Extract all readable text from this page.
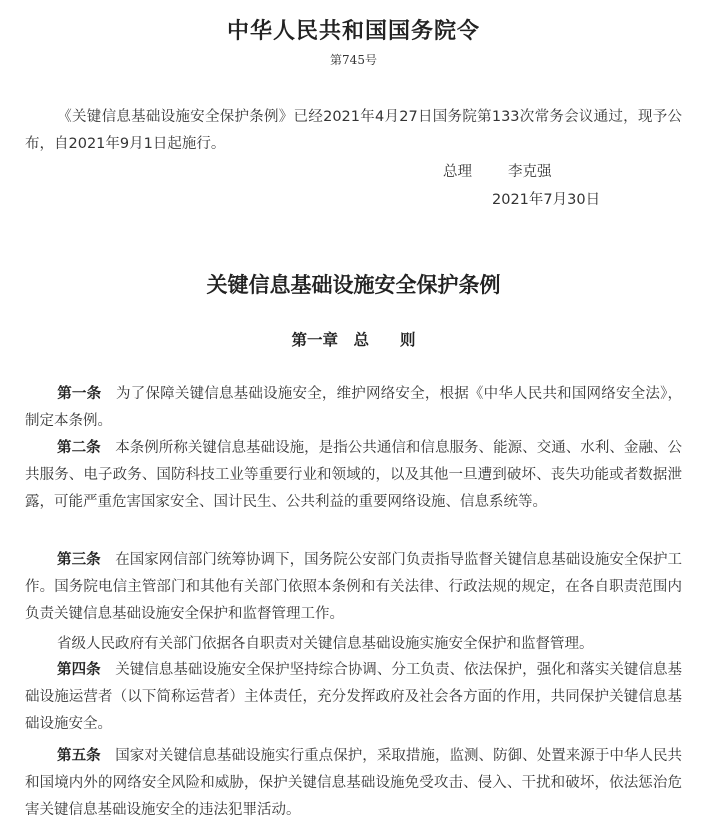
中华人民共和国国务院令
第745号
《关键信息基础设施安全保护条例》已经2021年4月27日国务院第133次常务会议通过，现予公布，自2021年9月1日起施行。
总理 李克强
2021年7月30日
关键信息基础设施安全保护条例
第一章　总　　则
第一条　 为了保障关键信息基础设施安全，维护网络安全，根据《中华人民共和国网络安全法》，制定本条例。
第二条　 本条例所称关键信息基础设施，是指公共通信和信息服务、能源、交通、水利、金融、公共服务、电子政务、国防科技工业等重要行业和领域的，以及其他一旦遭到破坏、丧失功能或者数据泄露，可能严重危害国家安全、国计民生、公共利益的重要网络设施、信息系统等。
第三条　 在国家网信部门统筹协调下，国务院公安部门负责指导监督关键信息基础设施安全保护工作。国务院电信主管部门和其他有关部门依照本条例和有关法律、行政法规的规定，在各自职责范围内负责关键信息基础设施安全保护和监督管理工作。
省级人民政府有关部门依据各自职责对关键信息基础设施实施安全保护和监督管理。
第四条　 关键信息基础设施安全保护坚持综合协调、分工负责、依法保护，强化和落实关键信息基础设施运营者（以下简称运营者）主体责任，充分发挥政府及社会各方面的作用，共同保护关键信息基础设施安全。
第五条　 国家对关键信息基础设施实行重点保护，采取措施，监测、防御、处置来源于中华人民共和国境内外的网络安全风险和威胁，保护关键信息基础设施免受攻击、侵入、干扰和破坏，依法惩治危害关键信息基础设施安全的违法犯罪活动。
